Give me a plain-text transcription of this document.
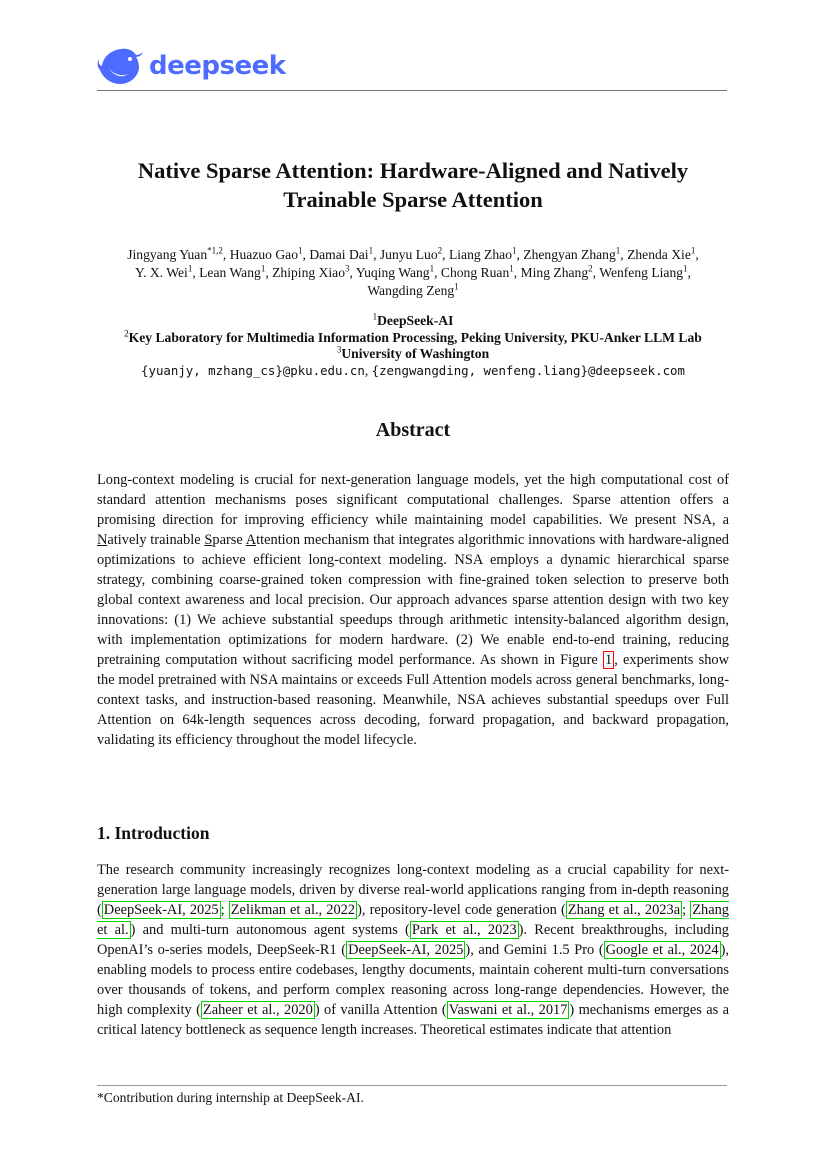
deepseek
Native Sparse Attention: Hardware-Aligned and Natively
Trainable Sparse Attention
Jingyang Yuan$^{*1,2}$, Huazuo Gao$^1$, Damai Dai$^1$, Junyu Luo$^2$, Liang Zhao$^1$, Zhengyan Zhang$^1$, Zhenda Xie$^1$,
Y. X. Wei$^1$, Lean Wang$^1$, Zhiping Xiao$^3$, Yuqing Wang$^1$, Chong Ruan$^1$, Ming Zhang$^2$, Wenfeng Liang$^1$,
Wangding Zeng$^1$
$^1$DeepSeek-AI
$^2$Key Laboratory for Multimedia Information Processing, Peking University, PKU-Anker LLM Lab
$^3$University of Washington
{yuanjy, mzhang_cs}@pku.edu.cn, {zengwangding, wenfeng.liang}@deepseek.com
Abstract

Long-context modeling is crucial for next-generation language models, yet the high computational cost of standard attention mechanisms poses significant computational challenges. Sparse attention offers a promising direction for improving efficiency while maintaining model capabilities. We present NSA, a Natively trainable Sparse Attention mechanism that integrates algorithmic innovations with hardware-aligned optimizations to achieve efficient long-context modeling. NSA employs a dynamic hierarchical sparse strategy, combining coarse-grained token compression with fine-grained token selection to preserve both global context awareness and local precision. Our approach advances sparse attention design with two key innovations: (1) We achieve substantial speedups through arithmetic intensity-balanced algorithm design, with implementation optimizations for modern hardware. (2) We enable end-to-end training, reducing pretraining computation without sacrificing model performance. As shown in Figure 1 , experiments show the model pretrained with NSA maintains or exceeds Full Attention models across general benchmarks, long-context tasks, and instruction-based reasoning. Meanwhile, NSA achieves substantial speedups over Full Attention on 64k-length sequences across decoding, forward propagation, and backward propagation, validating its efficiency throughout the model lifecycle.

1. Introduction

The research community increasingly recognizes long-context modeling as a crucial capability for next-generation large language models, driven by diverse real-world applications ranging from in-depth reasoning ( DeepSeek-AI, 2025 ; Zelikman et al., 2022 ), repository-level code generation ( Zhang et al., 2023a ; Zhang et al. ) and multi-turn autonomous agent systems ( Park et al., 2023 ). Recent breakthroughs, including OpenAI’s o-series models, DeepSeek-R1 ( DeepSeek-AI, 2025 ), and Gemini 1.5 Pro ( Google et al., 2024 ), enabling models to process entire codebases, lengthy documents, maintain coherent multi-turn conversations over thousands of tokens, and perform complex reasoning across long-range dependencies. However, the high complexity ( Zaheer et al., 2020 ) of vanilla Attention ( Vaswani et al., 2017 ) mechanisms emerges as a critical latency bottleneck as sequence length increases. Theoretical estimates indicate that attention

*Contribution during internship at DeepSeek-AI.
